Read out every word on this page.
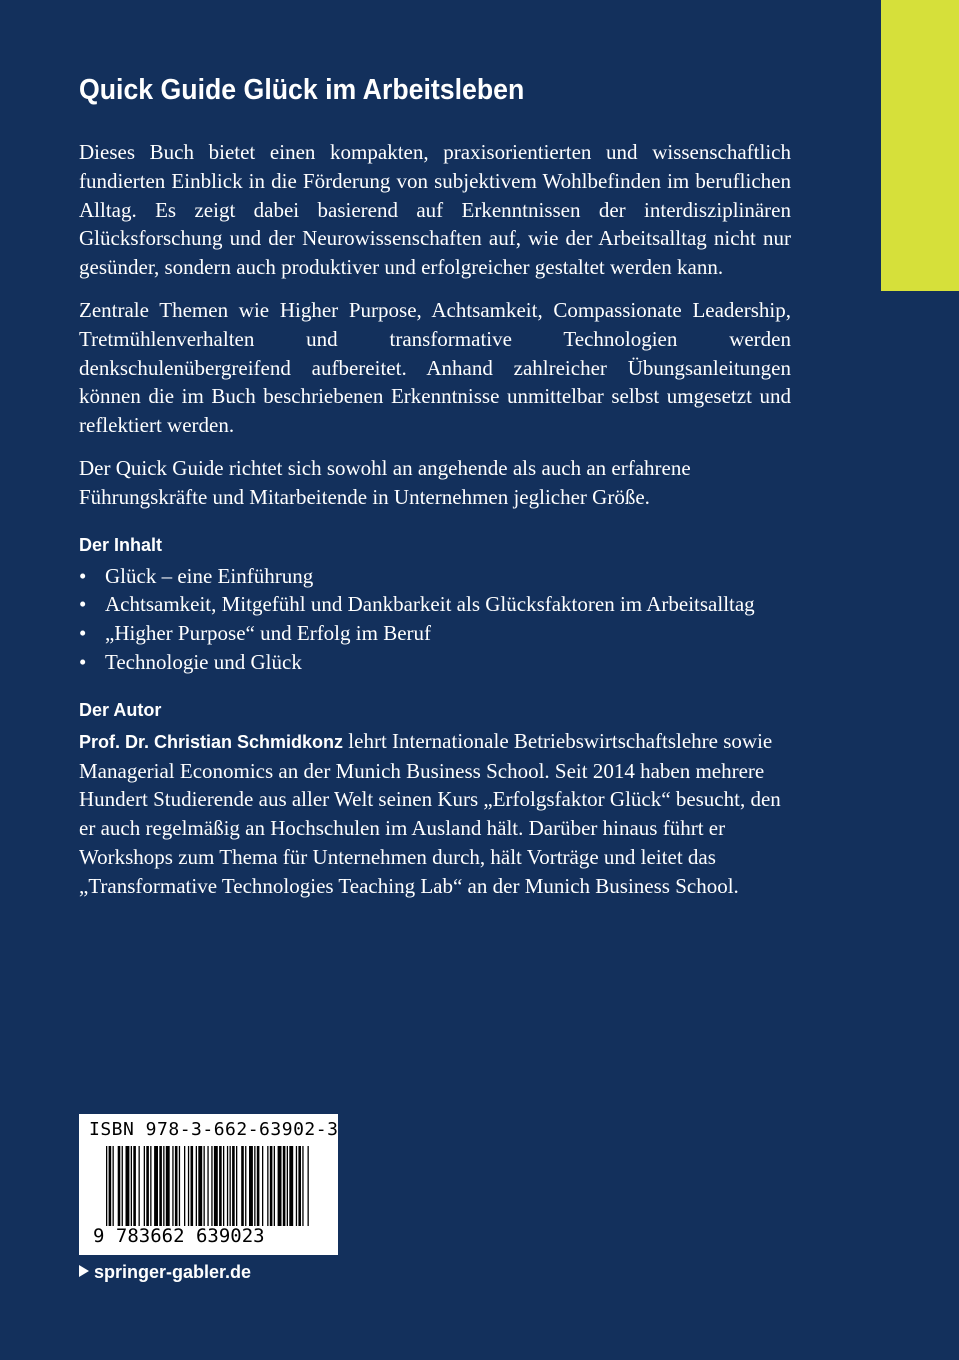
Quick Guide Glück im Arbeitsleben

Dieses Buch bietet einen kompakten, praxisorientierten und wissenschaftlich fundierten Einblick in die Förderung von subjektivem Wohlbefinden im beruflichen Alltag. Es zeigt dabei basierend auf Erkenntnissen der interdisziplinären Glücksforschung und der Neurowissenschaften auf, wie der Arbeitsalltag nicht nur gesünder, sondern auch produktiver und erfolgreicher gestaltet werden kann.

Zentrale Themen wie Higher Purpose, Achtsamkeit, Compassionate Leadership, Tretmühlenverhalten und transformative Technologien werden denkschulenübergreifend aufbereitet. Anhand zahlreicher Übungsanleitungen können die im Buch beschriebenen Erkenntnisse unmittelbar selbst umgesetzt und reflektiert werden.

Der Quick Guide richtet sich sowohl an angehende als auch an erfahrene Führungskräfte und Mitarbeitende in Unternehmen jeglicher Größe.

Der Inhalt
• Glück – eine Einführung
• Achtsamkeit, Mitgefühl und Dankbarkeit als Glücksfaktoren im Arbeitsalltag
• „Higher Purpose“ und Erfolg im Beruf
• Technologie und Glück
Der Autor

Prof. Dr. Christian Schmidkonz lehrt Internationale Betriebswirtschaftslehre sowie Managerial Economics an der Munich Business School. Seit 2014 haben mehrere Hundert Studierende aus aller Welt seinen Kurs „Erfolgsfaktor Glück“ besucht, den er auch regelmäßig an Hochschulen im Ausland hält. Darüber hinaus führt er Workshops zum Thema für Unternehmen durch, hält Vorträge und leitet das „Transformative Technologies Teaching Lab“ an der Munich Business School.

ISBN 978-3-662-63902-3
9 783662 639023
springer-gabler.de
